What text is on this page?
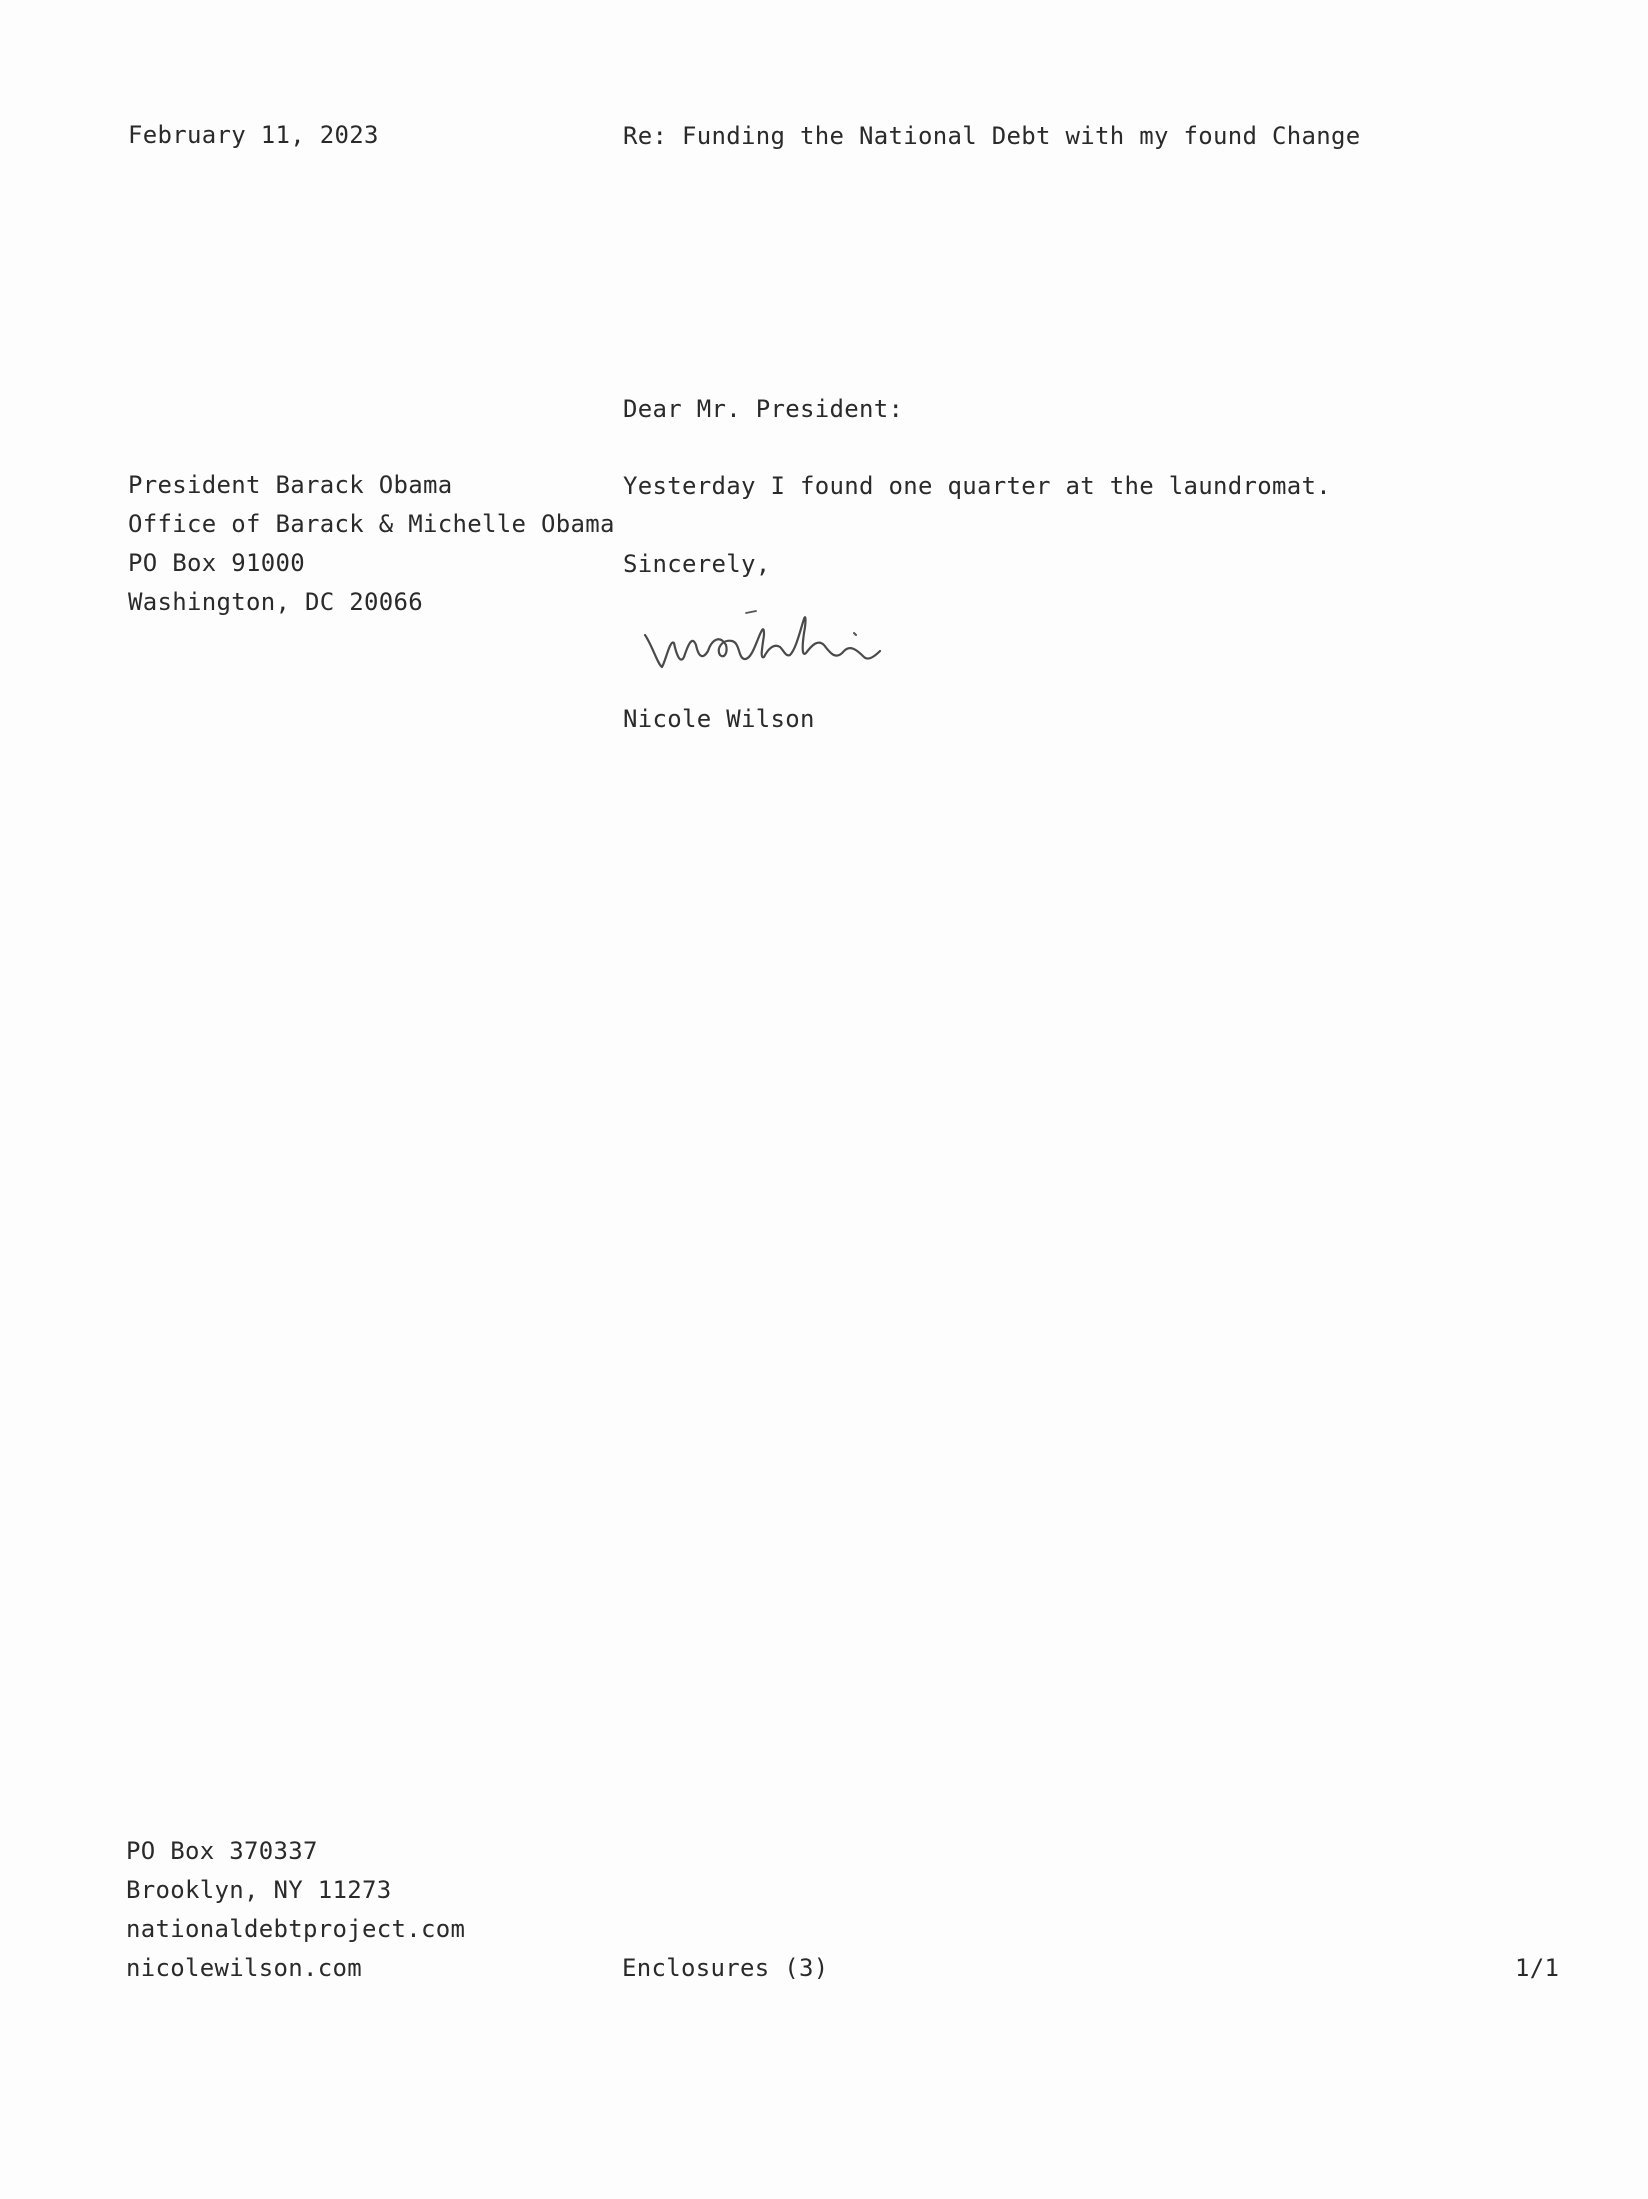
February 11, 2023	Re: Funding the National Debt with my found Change
Dear Mr. President:
President Barack Obama
Office of Barack & Michelle Obama
PO Box 91000
Washington, DC 20066
Yesterday I found one quarter at the laundromat.
Sincerely,
Nicole Wilson
PO Box 370337
Brooklyn, NY 11273
nationaldebtproject.com
nicolewilson.com	Enclosures (3)	1/1
